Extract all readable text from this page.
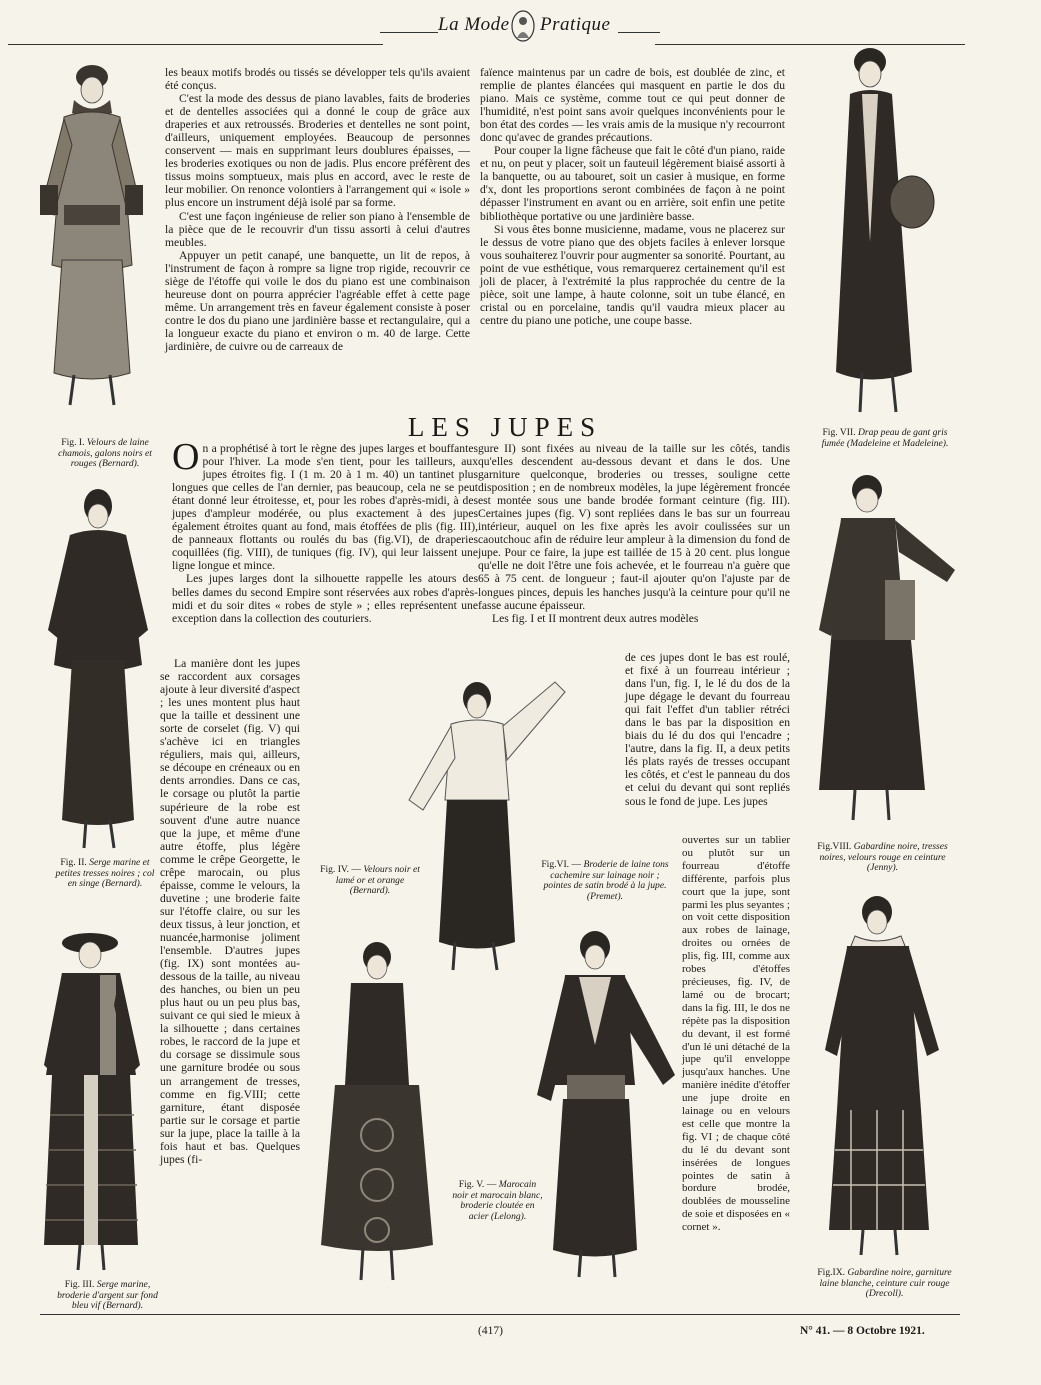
La Mode Pratique
Fig. I. Velours de laine chamois, galons noirs et rouges (Bernard).
Fig. VII. Drap peau de gant gris fumée (Madeleine et Madeleine).

les beaux motifs brodés ou tissés se développer tels qu'ils avaient été conçus.

C'est la mode des dessus de piano lavables, faits de broderies et de dentelles associées qui a donné le coup de grâce aux draperies et aux retroussés. Broderies et dentelles ne sont point, d'ailleurs, uniquement employées. Beaucoup de personnes conservent — mais en supprimant leurs doublures épaisses, — les broderies exotiques ou non de jadis. Plus encore préfèrent des tissus moins somptueux, mais plus en accord, avec le reste de leur mobilier. On renonce volontiers à l'arrangement qui « isole » plus encore un instrument déjà isolé par sa forme.

C'est une façon ingénieuse de relier son piano à l'ensemble de la pièce que de le recouvrir d'un tissu assorti à celui d'autres meubles.

Appuyer un petit canapé, une banquette, un lit de repos, à l'instrument de façon à rompre sa ligne trop rigide, recouvrir ce siège de l'étoffe qui voile le dos du piano est une combinaison heureuse dont on pourra apprécier l'agréable effet à cette page même. Un arrangement très en faveur également consiste à poser contre le dos du piano une jardinière basse et rectangulaire, qui a la longueur exacte du piano et environ o m. 40 de large. Cette jardinière, de cuivre ou de carreaux de

faïence maintenus par un cadre de bois, est doublée de zinc, et remplie de plantes élancées qui masquent en partie le dos du piano. Mais ce système, comme tout ce qui peut donner de l'humidité, n'est point sans avoir quelques inconvénients pour le bon état des cordes — les vrais amis de la musique n'y recourront donc qu'avec de grandes précautions.

Pour couper la ligne fâcheuse que fait le côté d'un piano, raide et nu, on peut y placer, soit un fauteuil légèrement biaisé assorti à la banquette, ou au tabouret, soit un casier à musique, en forme d'x, dont les proportions seront combinées de façon à ne point dépasser l'instrument en avant ou en arrière, soit enfin une petite bibliothèque portative ou une jardinière basse.

Si vous êtes bonne musicienne, madame, vous ne placerez sur le dessus de votre piano que des objets faciles à enlever lorsque vous souhaiterez l'ouvrir pour augmenter sa sonorité. Pourtant, au point de vue esthétique, vous remarquerez certainement qu'il est joli de placer, à l'extrémité la plus rapprochée du centre de la pièce, soit une lampe, à haute colonne, soit un tube élancé, en cristal ou en porcelaine, tandis qu'il vaudra mieux placer au centre du piano une potiche, une coupe basse.

LES JUPES
O n a prophétisé à tort le règne des jupes larges et bouffantes pour l'hiver. La mode s'en tient, pour les tailleurs, aux jupes étroites fig. I (1 m. 20 à 1 m. 40) un tantinet plus longues que celles de l'an dernier, pas beaucoup, cela ne se peut étant donné leur étroitesse, et, pour les robes d'après-midi, à des jupes d'ampleur modérée, ou plus exactement à des jupes également étroites quant au fond, mais étoffées de plis (fig. III), de panneaux flottants ou roulés du bas (fig.VI), de draperies coquillées (fig. VIII), de tuniques (fig. IV), qui leur laissent une ligne longue et mince.

Les jupes larges dont la silhouette rappelle les atours des belles dames du second Empire sont réservées aux robes d'après-midi et du soir dites « robes de style » ; elles représentent une exception dans la collection des couturiers.

La manière dont les jupes se raccordent aux corsages ajoute à leur diversité d'aspect ; les unes montent plus haut que la taille et dessinent une sorte de corselet (fig. V) qui s'achève ici en triangles réguliers, mais qui, ailleurs, se découpe en créneaux ou en dents arrondies. Dans ce cas, le corsage ou plutôt la partie supérieure de la robe est souvent d'une autre nuance que la jupe, et même d'une autre étoffe, plus légère comme le crêpe Georgette, le crêpe marocain, ou plus épaisse, comme le velours, la duvetine ; une broderie faite sur l'étoffe claire, ou sur les deux tissus, à leur jonction, et nuancée,harmonise joliment l'ensemble. D'autres jupes (fig. IX) sont montées au-dessous de la taille, au niveau des hanches, ou bien un peu plus haut ou un peu plus bas, suivant ce qui sied le mieux à la silhouette ; dans certaines robes, le raccord de la jupe et du corsage se dissimule sous une garniture brodée ou sous un arrangement de tresses, comme en fig.VIII; cette garniture, étant disposée partie sur le corsage et partie sur la jupe, place la taille à la fois haut et bas. Quelques jupes (fi-

gure II) sont fixées au niveau de la taille sur les côtés, tandis qu'elles descendent au-dessous devant et dans le dos. Une garniture quelconque, broderies ou tresses, souligne cette disposition ; en de nombreux modèles, la jupe légèrement froncée est montée sous une bande brodée formant ceinture (fig. III). Certaines jupes (fig. V) sont repliées dans le bas sur un fourreau intérieur, auquel on les fixe après les avoir coulissées sur un caoutchouc afin de réduire leur ampleur à la dimension du fond de jupe. Pour ce faire, la jupe est taillée de 15 à 20 cent. plus longue qu'elle ne doit l'être une fois achevée, et le fourreau n'a guère que 65 à 75 cent. de longueur ; faut-il ajouter qu'on l'ajuste par de longues pinces, depuis les hanches jusqu'à la ceinture pour qu'il ne fasse aucune épaisseur.

Les fig. I et II montrent deux autres modèles

de ces jupes dont le bas est roulé, et fixé à un fourreau intérieur ; dans l'un, fig. I, le lé du dos de la jupe dégage le devant du fourreau qui fait l'effet d'un tablier rétréci dans le bas par la disposition en biais du lé du dos qui l'encadre ; l'autre, dans la fig. II, a deux petits lés plats rayés de tresses occupant les côtés, et c'est le panneau du dos et celui du devant qui sont repliés sous le fond de jupe. Les jupes

ouvertes sur un tablier ou plutôt sur un fourreau d'étoffe différente, parfois plus court que la jupe, sont parmi les plus seyantes ; on voit cette disposition aux robes de lainage, droites ou ornées de plis, fig. III, comme aux robes d'étoffes précieuses, fig. IV, de lamé ou de brocart; dans la fig. III, le dos ne répète pas la disposition du devant, il est formé d'un lé uni détaché de la jupe qu'il enveloppe jusqu'aux hanches. Une manière inédite d'étoffer une jupe droite en lainage ou en velours est celle que montre la fig. VI ; de chaque côté du lé du devant sont insérées de longues pointes de satin à bordure brodée, doublées de mousseline de soie et disposées en « cornet ».

Fig. II. Serge marine et petites tresses noires ; col en singe (Bernard).
Fig. III. Serge marine, broderie d'argent sur fond bleu vif (Bernard).
Fig. IV. — Velours noir et lamé or et orange (Bernard).
Fig.VI. — Broderie de laine tons cachemire sur lainage noir ; pointes de satin brodé à la jupe. (Premet).
Fig. V. — Marocain noir et marocain blanc, broderie cloutée en acier (Lelong).
Fig.VIII. Gabardine noire, tresses noires, velours rouge en ceinture (Jenny).
Fig.IX. Gabardine noire, garniture laine blanche, ceinture cuir rouge (Drecoll).
(417)	N° 41. — 8 Octobre 1921.
